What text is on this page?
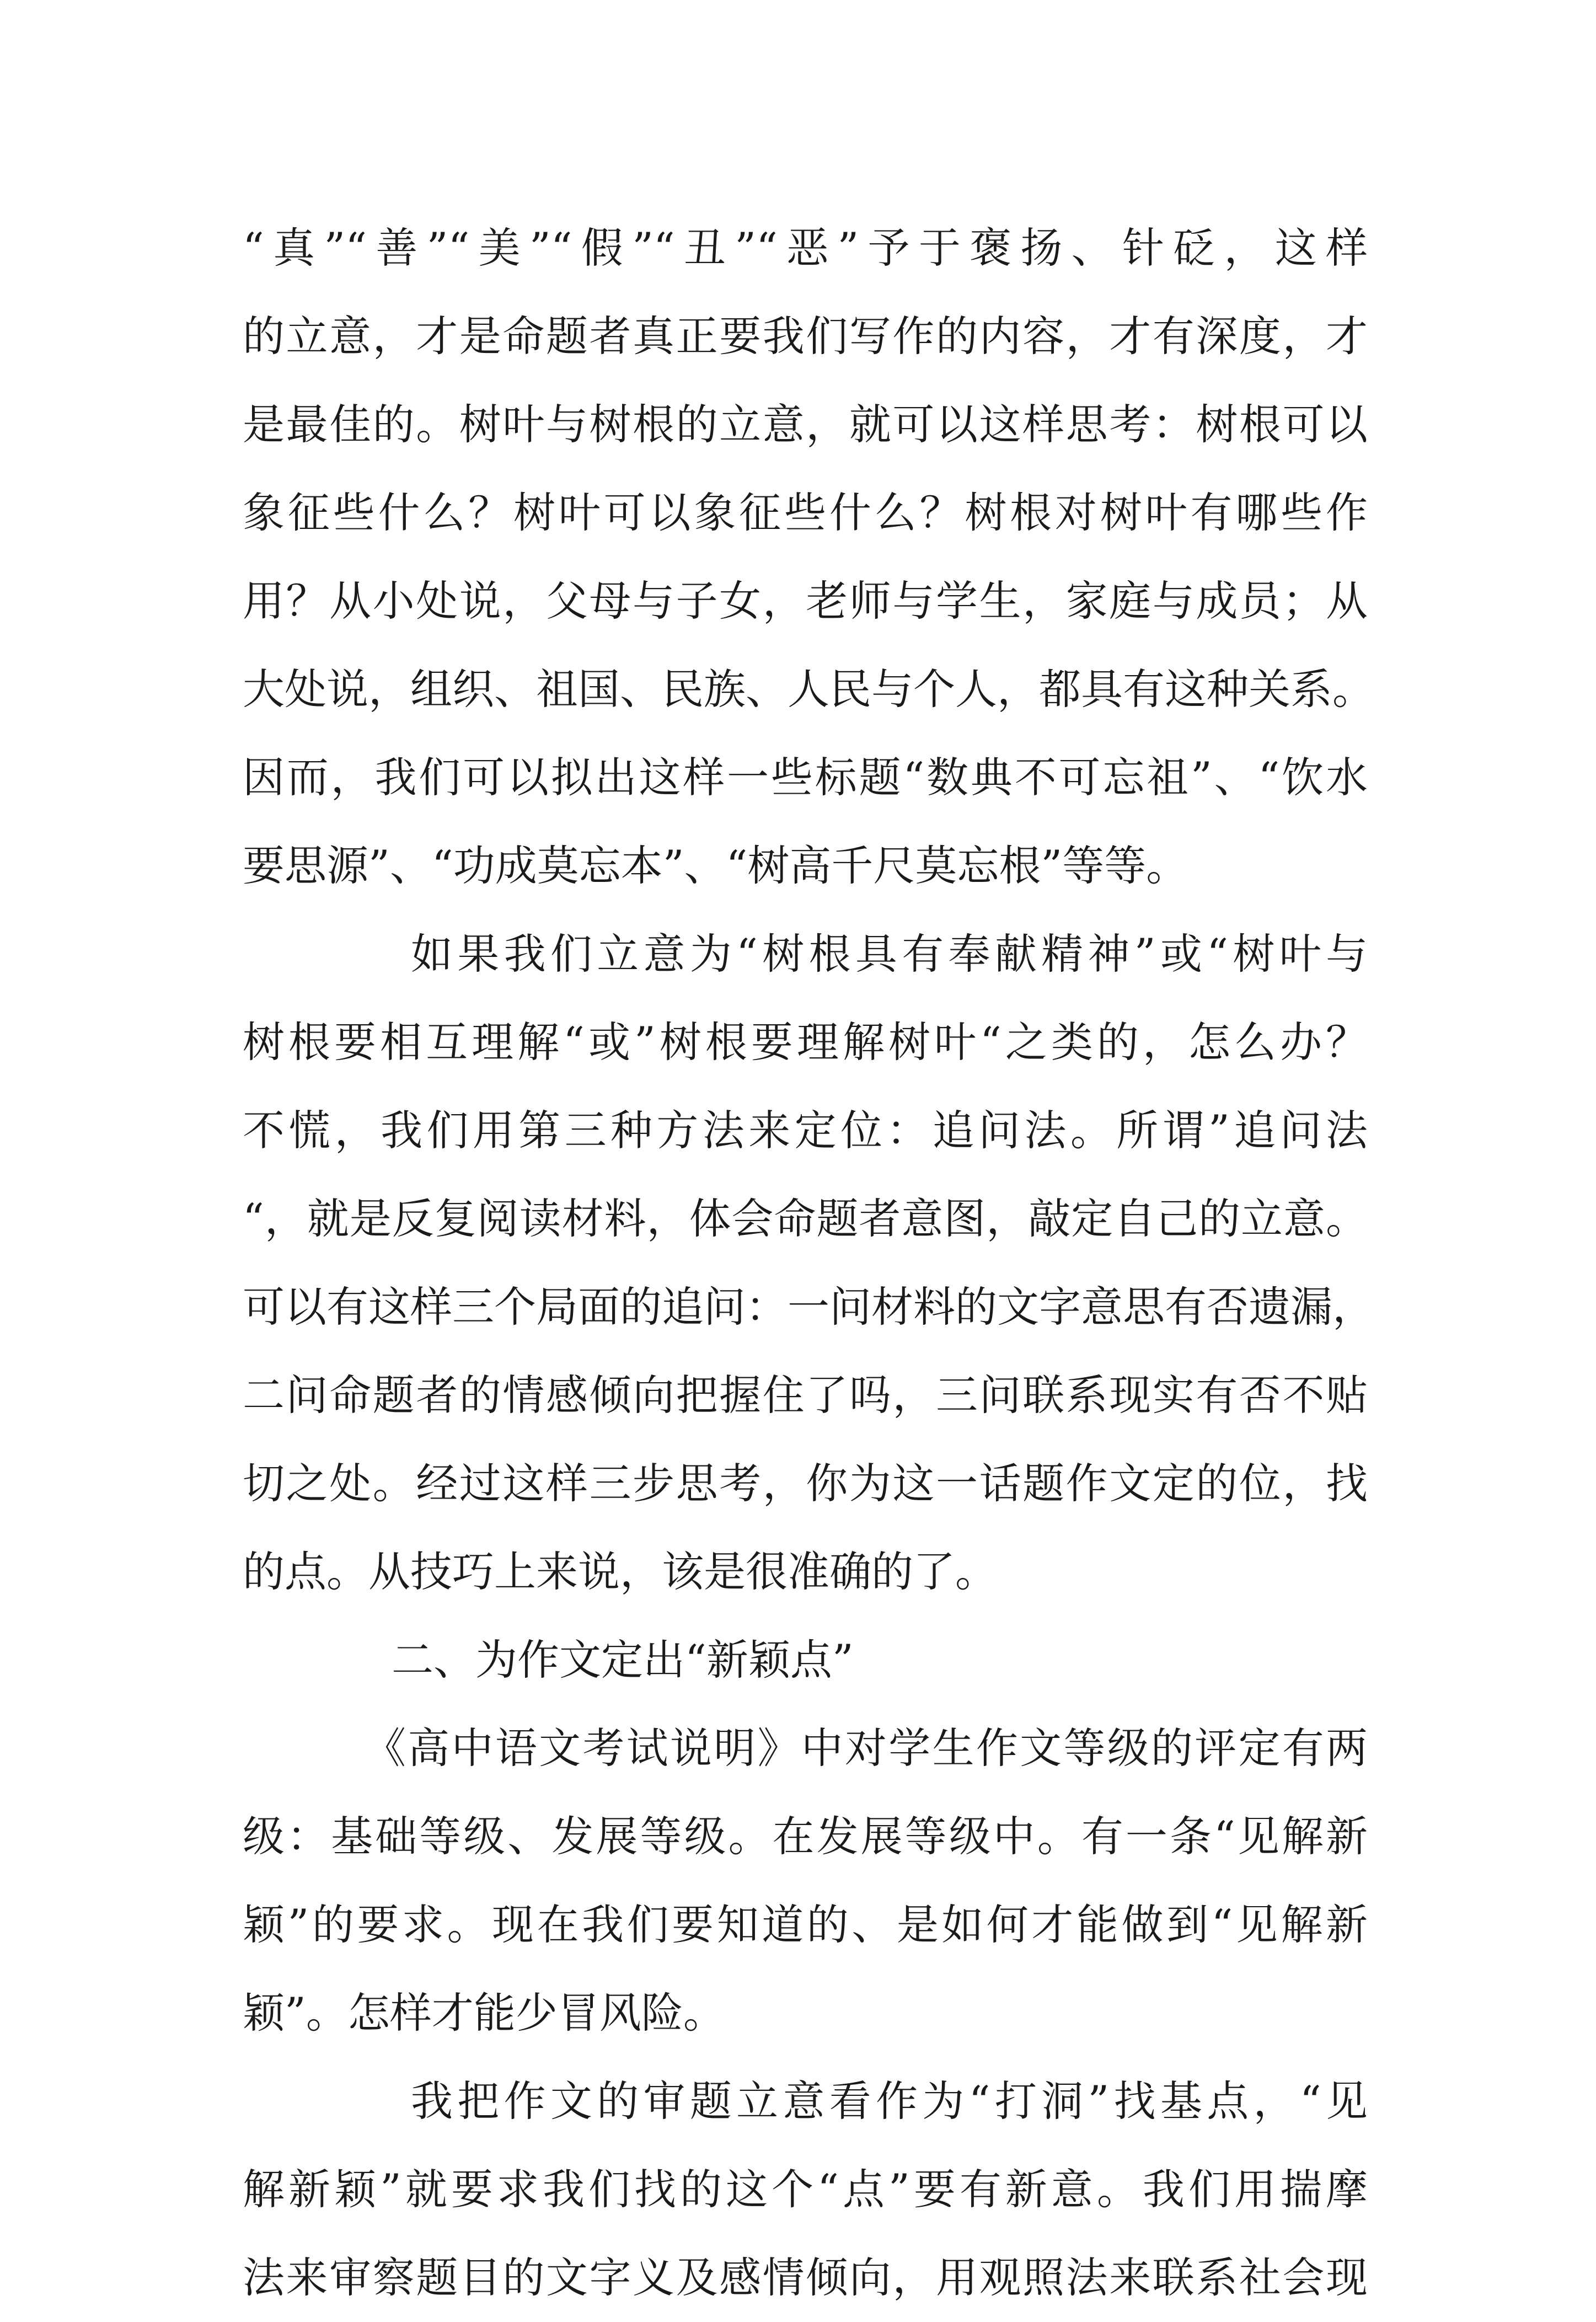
“真”“善”“美”“假”“丑”“恶”予于褒扬、针砭，这样
的立意，才是命题者真正要我们写作的内容，才有深度，才
是最佳的。树叶与树根的立意，就可以这样思考：树根可以
象征些什么？树叶可以象征些什么？树根对树叶有哪些作
用？从小处说，父母与子女，老师与学生，家庭与成员；从
大处说，组织、祖国、民族、人民与个人，都具有这种关系。
因而，我们可以拟出这样一些标题“数典不可忘祖”、“饮水
要思源”、“功成莫忘本”、“树高千尺莫忘根”等等。
如果我们立意为“树根具有奉献精神”或“树叶与
树根要相互理解“或”树根要理解树叶“之类的，怎么办？
不慌，我们用第三种方法来定位：追问法。所谓”追问法
“，就是反复阅读材料，体会命题者意图，敲定自己的立意。
可以有这样三个局面的追问：一问材料的文字意思有否遗漏，
二问命题者的情感倾向把握住了吗，三问联系现实有否不贴
切之处。经过这样三步思考，你为这一话题作文定的位，找
的点。从技巧上来说，该是很准确的了。
二、为作文定出“新颖点”
《高中语文考试说明》中对学生作文等级的评定有两
级：基础等级、发展等级。在发展等级中。有一条“见解新
颖”的要求。现在我们要知道的、是如何才能做到“见解新
颖”。怎样才能少冒风险。
我把作文的审题立意看作为“打洞”找基点，“见
解新颖”就要求我们找的这个“点”要有新意。我们用揣摩
法来审察题目的文字义及感情倾向，用观照法来联系社会现
